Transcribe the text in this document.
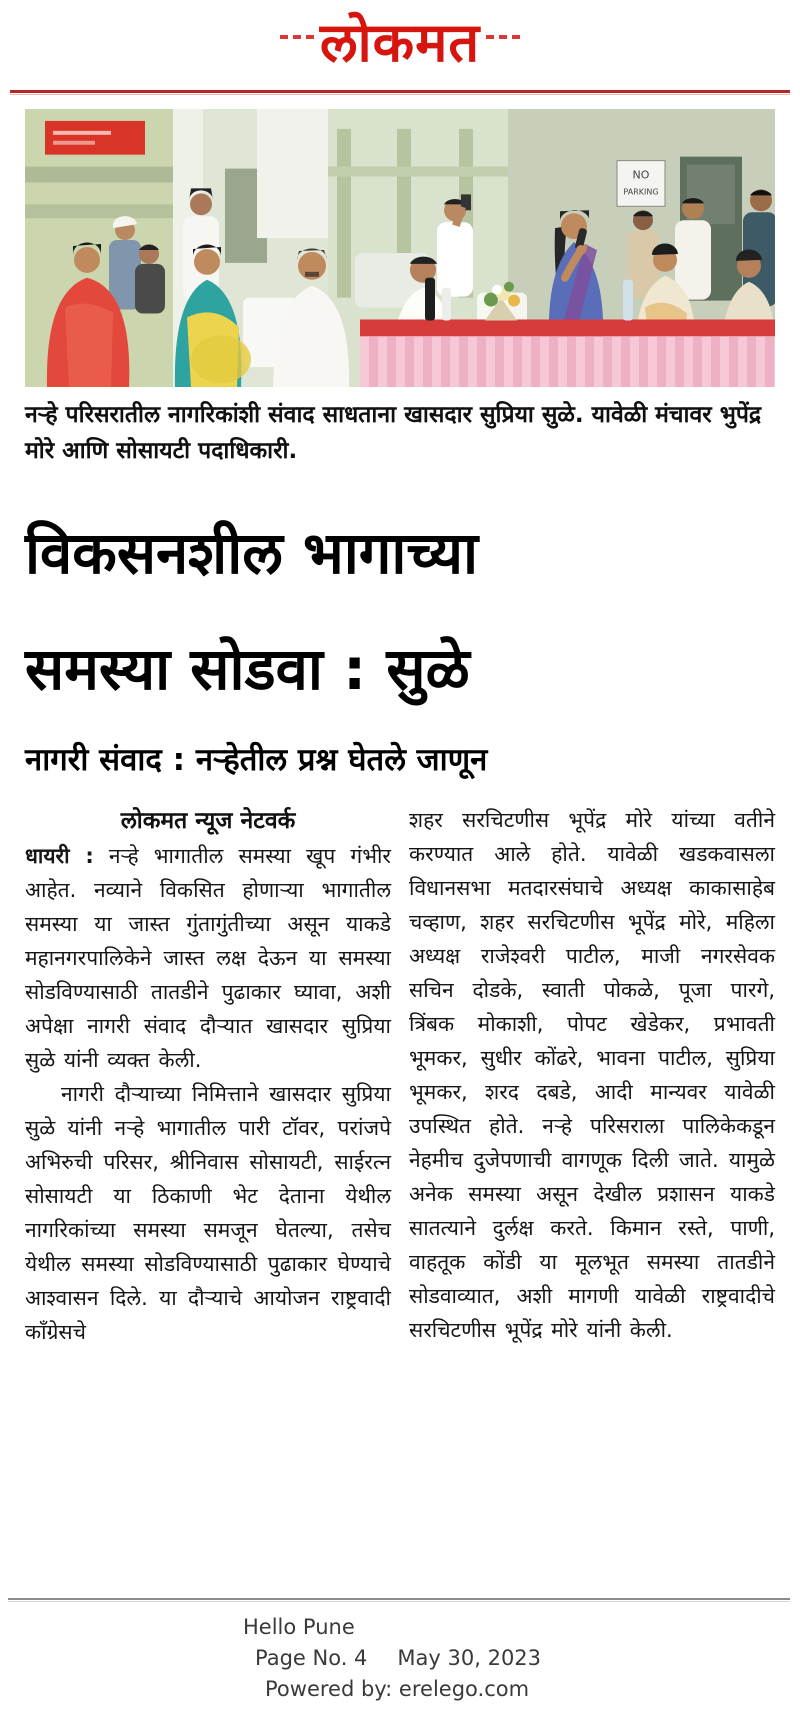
लोकमत
NO
PARKING
नऱ्हे परिसरातील नागरिकांशी संवाद साधताना खासदार सुप्रिया सुळे. यावेळी मंचावर भुपेंद्र मोरे आणि सोसायटी पदाधिकारी.
विकसनशील भागाच्या
समस्या सोडवा : सुळे
नागरी संवाद : नऱ्हेतील प्रश्न घेतले जाणून
लोकमत न्यूज नेटवर्क

धायरी : नऱ्हे भागातील समस्या खूप गंभीर आहेत. नव्याने विकसित होणाऱ्या भागातील समस्या या जास्त गुंतागुंतीच्या असून याकडे महानगरपालिकेने जास्त लक्ष देऊन या समस्या सोडविण्यासाठी तातडीने पुढाकार घ्यावा, अशी अपेक्षा नागरी संवाद दौऱ्यात खासदार सुप्रिया सुळे यांनी व्यक्त केली.

नागरी दौऱ्याच्या निमित्ताने खासदार सुप्रिया सुळे यांनी नऱ्हे भागातील पारी टॉवर, परांजपे अभिरुची परिसर, श्रीनिवास सोसायटी, साईरत्न सोसायटी या ठिकाणी भेट देताना येथील नागरिकांच्या समस्या समजून घेतल्या, तसेच येथील समस्या सोडविण्यासाठी पुढाकार घेण्याचे आश्वासन दिले. या दौऱ्याचे आयोजन राष्ट्रवादी काँग्रेसचे

शहर सरचिटणीस भूपेंद्र मोरे यांच्या वतीने करण्यात आले होते. यावेळी खडकवासला विधानसभा मतदारसंघाचे अध्यक्ष काकासाहेब चव्हाण, शहर सरचिटणीस भूपेंद्र मोरे, महिला अध्यक्ष राजेश्वरी पाटील, माजी नगरसेवक सचिन दोडके, स्वाती पोकळे, पूजा पारगे, त्रिंबक मोकाशी, पोपट खेडेकर, प्रभावती भूमकर, सुधीर कोंढरे, भावना पाटील, सुप्रिया भूमकर, शरद दबडे, आदी मान्यवर यावेळी उपस्थित होते. नऱ्हे परिसराला पालिकेकडून नेहमीच दुजेपणाची वागणूक दिली जाते. यामुळे अनेक समस्या असून देखील प्रशासन याकडे सातत्याने दुर्लक्ष करते. किमान रस्ते, पाणी, वाहतूक कोंडी या मूलभूत समस्या तातडीने सोडवाव्यात, अशी मागणी यावेळी राष्ट्रवादीचे सरचिटणीस भूपेंद्र मोरे यांनी केली.

Hello Pune
Page No. 4 May 30, 2023
Powered by: erelego.com
